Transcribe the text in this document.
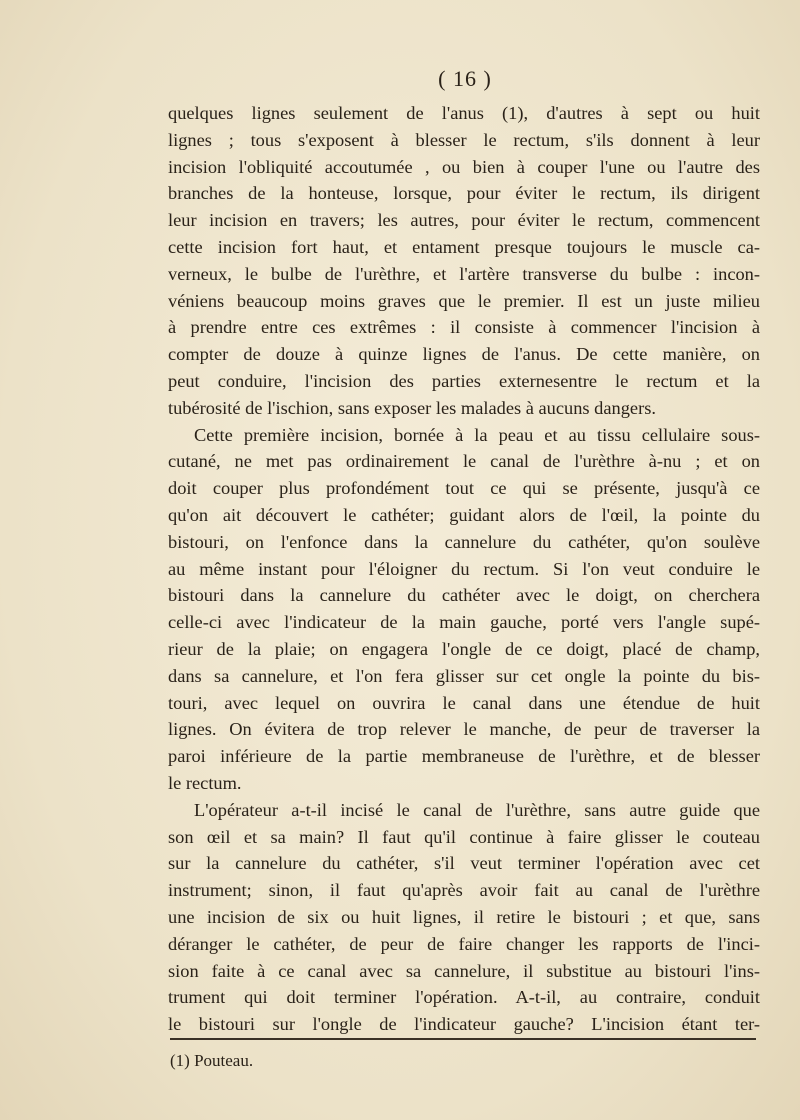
( 16 )
quelques lignes seulement de l'anus (1), d'autres à sept ou huit
lignes ; tous s'exposent à blesser le rectum, s'ils donnent à leur
incision l'obliquité accoutumée , ou bien à couper l'une ou l'autre des
branches de la honteuse, lorsque, pour éviter le rectum, ils dirigent
leur incision en travers; les autres, pour éviter le rectum, commencent
cette incision fort haut, et entament presque toujours le muscle ca-
verneux, le bulbe de l'urèthre, et l'artère transverse du bulbe : incon-
véniens beaucoup moins graves que le premier. Il est un juste milieu
à prendre entre ces extrêmes : il consiste à commencer l'incision à
compter de douze à quinze lignes de l'anus. De cette manière, on
peut conduire, l'incision des parties externesentre le rectum et la
tubérosité de l'ischion, sans exposer les malades à aucuns dangers.
Cette première incision, bornée à la peau et au tissu cellulaire sous-
cutané, ne met pas ordinairement le canal de l'urèthre à-nu ; et on
doit couper plus profondément tout ce qui se présente, jusqu'à ce
qu'on ait découvert le cathéter; guidant alors de l'œil, la pointe du
bistouri, on l'enfonce dans la cannelure du cathéter, qu'on soulève
au même instant pour l'éloigner du rectum. Si l'on veut conduire le
bistouri dans la cannelure du cathéter avec le doigt, on cherchera
celle-ci avec l'indicateur de la main gauche, porté vers l'angle supé-
rieur de la plaie; on engagera l'ongle de ce doigt, placé de champ,
dans sa cannelure, et l'on fera glisser sur cet ongle la pointe du bis-
touri, avec lequel on ouvrira le canal dans une étendue de huit
lignes. On évitera de trop relever le manche, de peur de traverser la
paroi inférieure de la partie membraneuse de l'urèthre, et de blesser
le rectum.
L'opérateur a-t-il incisé le canal de l'urèthre, sans autre guide que
son œil et sa main? Il faut qu'il continue à faire glisser le couteau
sur la cannelure du cathéter, s'il veut terminer l'opération avec cet
instrument; sinon, il faut qu'après avoir fait au canal de l'urèthre
une incision de six ou huit lignes, il retire le bistouri ; et que, sans
déranger le cathéter, de peur de faire changer les rapports de l'inci-
sion faite à ce canal avec sa cannelure, il substitue au bistouri l'ins-
trument qui doit terminer l'opération. A-t-il, au contraire, conduit
le bistouri sur l'ongle de l'indicateur gauche? L'incision étant ter-
(1) Pouteau.
